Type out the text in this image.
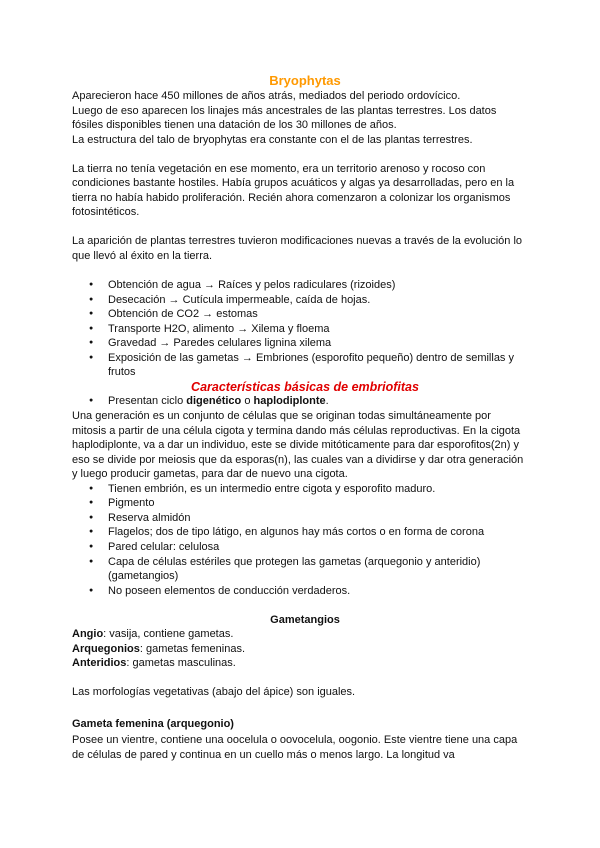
Bryophytas
Aparecieron hace 450 millones de años atrás, mediados del periodo ordovícico.
Luego de eso aparecen los linajes más ancestrales de las plantas terrestres. Los datos
fósiles disponibles tienen una datación de los 30 millones de años.
La estructura del talo de bryophytas era constante con el de las plantas terrestres.
La tierra no tenía vegetación en ese momento, era un territorio arenoso y rocoso con
condiciones bastante hostiles. Había grupos acuáticos y algas ya desarrolladas, pero en la
tierra no había habido proliferación. Recién ahora comenzaron a colonizar los organismos
fotosintéticos.
La aparición de plantas terrestres tuvieron modificaciones nuevas a través de la evolución lo
que llevó al éxito en la tierra.
● Obtención de agua → Raíces y pelos radiculares (rizoides)
● Desecación → Cutícula impermeable, caída de hojas.
● Obtención de CO2 → estomas
● Transporte H2O, alimento → Xilema y floema
● Gravedad → Paredes celulares lignina xilema
● Exposición de las gametas → Embriones (esporofito pequeño) dentro de semillas y frutos
Características básicas de embriofitas
● Presentan ciclo digenético o haplodiplonte.
Una generación es un conjunto de células que se originan todas simultáneamente por
mitosis a partir de una célula cigota y termina dando más células reproductivas. En la cigota
haplodiplonte, va a dar un individuo, este se divide mitóticamente para dar esporofitos(2n) y
eso se divide por meiosis que da esporas(n), las cuales van a dividirse y dar otra generación
y luego producir gametas, para dar de nuevo una cigota.
● Tienen embrión, es un intermedio entre cigota y esporofito maduro.
● Pigmento
● Reserva almidón
● Flagelos; dos de tipo látigo, en algunos hay más cortos o en forma de corona
● Pared celular: celulosa
● Capa de células estériles que protegen las gametas (arquegonio y anteridio) (gametangios)
● No poseen elementos de conducción verdaderos.
Gametangios
Angio: vasija, contiene gametas.
Arquegonios: gametas femeninas.
Anteridios: gametas masculinas.
Las morfologías vegetativas (abajo del ápice) son iguales.
Gameta femenina (arquegonio)
Posee un vientre, contiene una oocelula o oovocelula, oogonio. Este vientre tiene una capa
de células de pared y continua en un cuello más o menos largo. La longitud va
